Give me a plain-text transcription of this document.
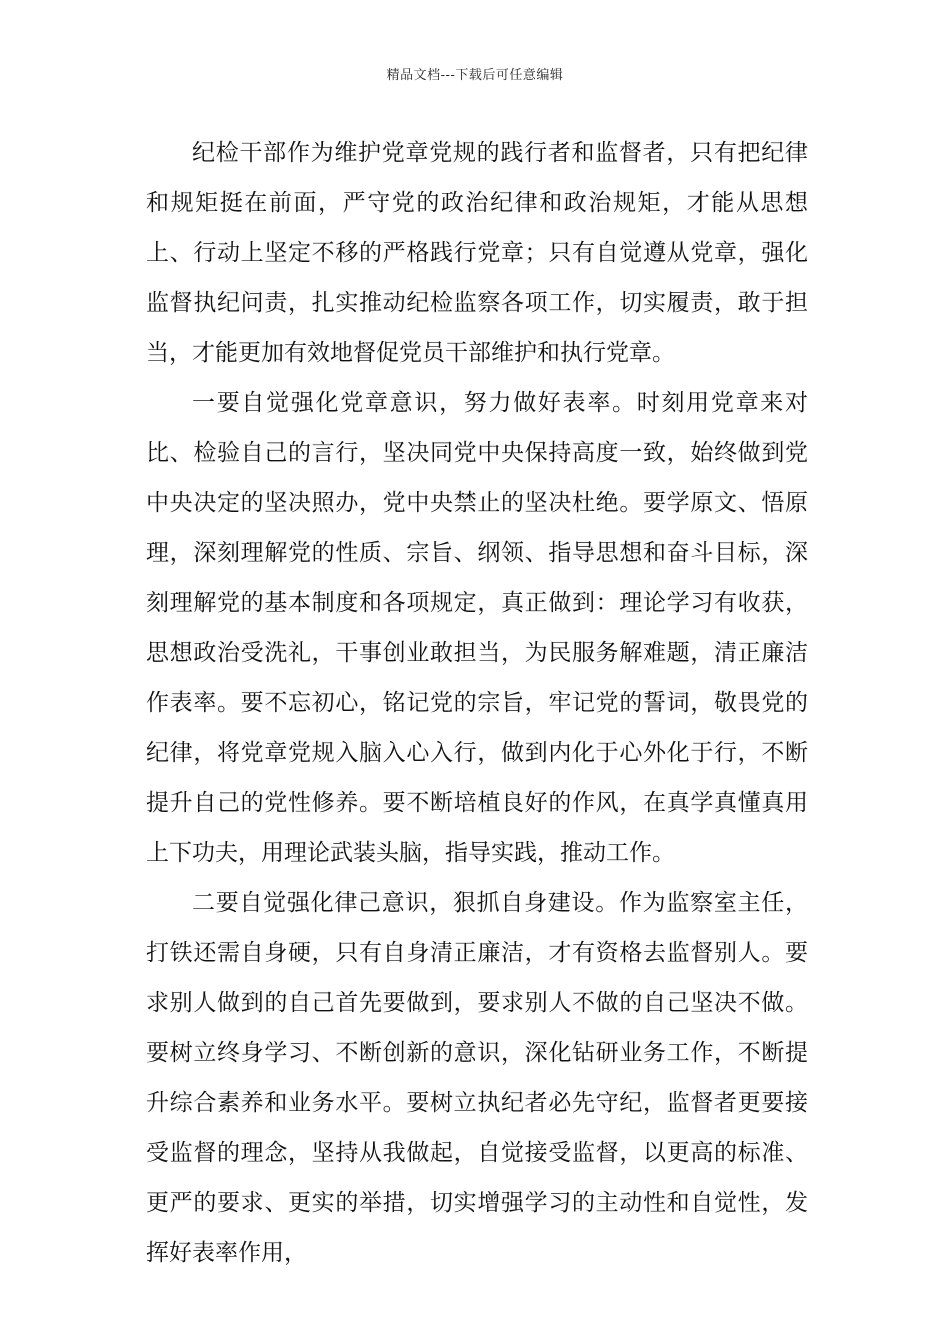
精品文档---下载后可任意编辑

纪检干部作为维护党章党规的践行者和监督者，只有把纪律和规矩挺在前面，严守党的政治纪律和政治规矩，才能从思想上、行动上坚定不移的严格践行党章；只有自觉遵从党章，强化监督执纪问责，扎实推动纪检监察各项工作，切实履责，敢于担当，才能更加有效地督促党员干部维护和执行党章。

一要自觉强化党章意识，努力做好表率。时刻用党章来对比、检验自己的言行，坚决同党中央保持高度一致，始终做到党中央决定的坚决照办，党中央禁止的坚决杜绝。要学原文、悟原理，深刻理解党的性质、宗旨、纲领、指导思想和奋斗目标，深刻理解党的基本制度和各项规定，真正做到：理论学习有收获，思想政治受洗礼，干事创业敢担当，为民服务解难题，清正廉洁作表率。要不忘初心，铭记党的宗旨，牢记党的誓词，敬畏党的纪律，将党章党规入脑入心入行，做到内化于心外化于行，不断提升自己的党性修养。要不断培植良好的作风，在真学真懂真用上下功夫，用理论武装头脑，指导实践，推动工作。

二要自觉强化律己意识，狠抓自身建设。作为监察室主任，打铁还需自身硬，只有自身清正廉洁，才有资格去监督别人。要求别人做到的自己首先要做到，要求别人不做的自己坚决不做。要树立终身学习、不断创新的意识，深化钻研业务工作，不断提升综合素养和业务水平。要树立执纪者必先守纪，监督者更要接受监督的理念，坚持从我做起，自觉接受监督，以更高的标准、更严的要求、更实的举措，切实增强学习的主动性和自觉性，发挥好表率作用，
